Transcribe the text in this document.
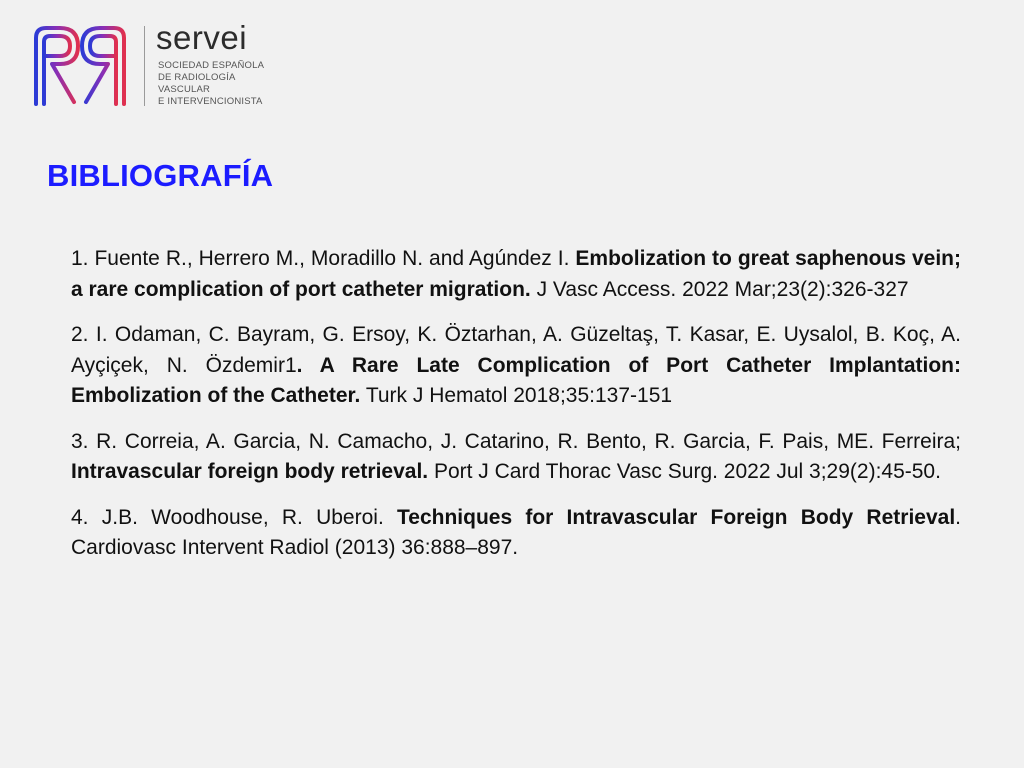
servei
SOCIEDAD ESPAÑOLA
DE RADIOLOGÍA
VASCULAR
E INTERVENCIONISTA
BIBLIOGRAFÍA

1. Fuente R., Herrero M., Moradillo N. and Agúndez I. Embolization to great saphenous vein; a rare complication of port catheter migration. J Vasc Access. 2022 Mar;23(2):326-327

2. I. Odaman, C. Bayram, G. Ersoy, K. Öztarhan, A. Güzeltaş, T. Kasar, E. Uysalol, B. Koç, A. Ayçiçek, N. Özdemir1. A Rare Late Complication of Port Catheter Implantation: Embolization of the Catheter. Turk J Hematol 2018;35:137-151

3. R. Correia, A. Garcia, N. Camacho, J. Catarino, R. Bento, R. Garcia, F. Pais, ME. Ferreira; Intravascular foreign body retrieval. Port J Card Thorac Vasc Surg. 2022 Jul 3;29(2):45-50.

4. J.B. Woodhouse, R. Uberoi. Techniques for Intravascular Foreign Body Retrieval. Cardiovasc Intervent Radiol (2013) 36:888–897.
